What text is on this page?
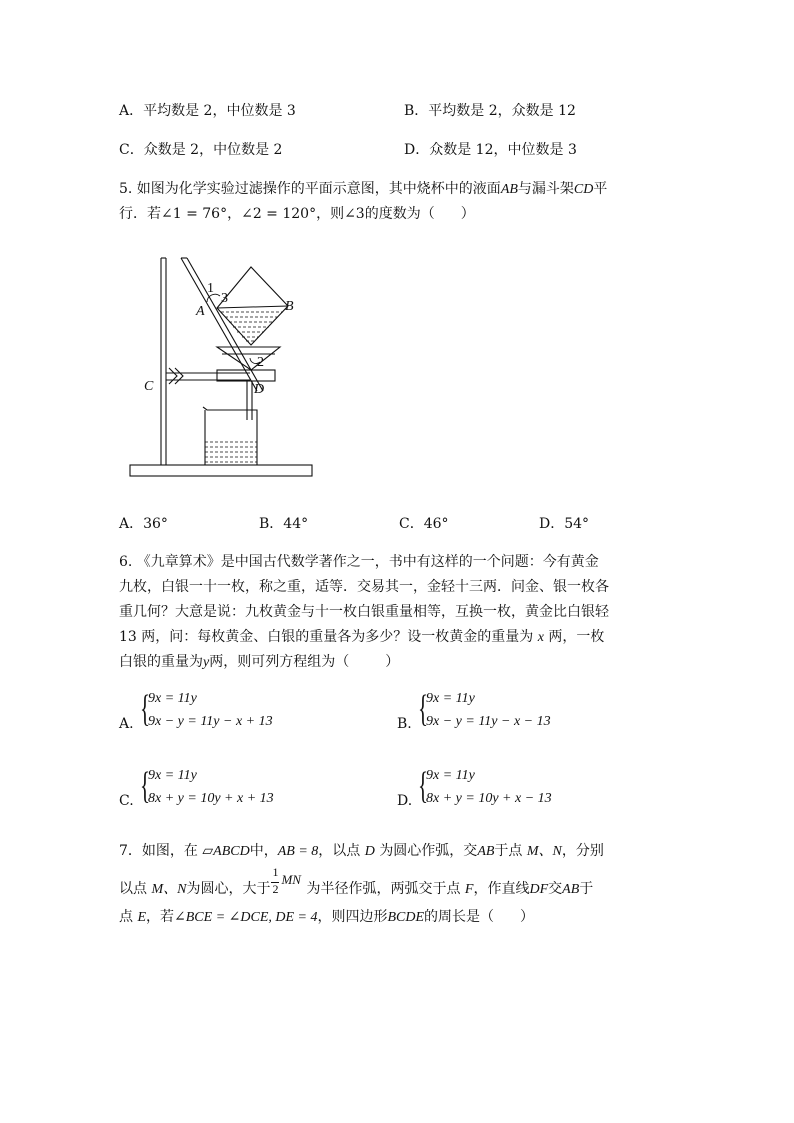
A．平均数是 2，中位数是 3	B．平均数是 2，众数是 12
C．众数是 2，中位数是 2	D．众数是 12，中位数是 3
5. 如图为化学实验过滤操作的平面示意图，其中烧杯中的液面AB与漏斗架CD平
行．若∠1 = 76°，∠2 = 120°，则∠3的度数为（ ）
1
3
2
A	B
C	D
A．36°	B．44°	C．46°	D．54°
6. 《九章算术》是中国古代数学著作之一，书中有这样的一个问题：今有黄金
九枚，白银一十一枚，称之重，适等．交易其一，金轻十三两．问金、银一枚各
重几何？大意是说：九枚黄金与十一枚白银重量相等，互换一枚，黄金比白银轻
13 两，问：每枚黄金、白银的重量各为多少？设一枚黄金的重量为 x 两，一枚
白银的重量为y两，则可列方程组为（	）
A. {
9x = 11y
9x − y = 11y − x + 13	B. {
9x = 11y
9x − y = 11y − x − 13
C. {
9x = 11y
8x + y = 10y + x + 13	D. {
9x = 11y
8x + y = 10y + x − 13
7．如图，在 ▱ABCD中，AB = 8，以点 D 为圆心作弧，交AB于点 M、N，分别
以点 M、N为圆心，大于
1
2
MN
为半径作弧，两弧交于点 F，作直线DF交AB于
点 E，若∠BCE = ∠DCE, DE = 4，则四边形BCDE的周长是（ ）
